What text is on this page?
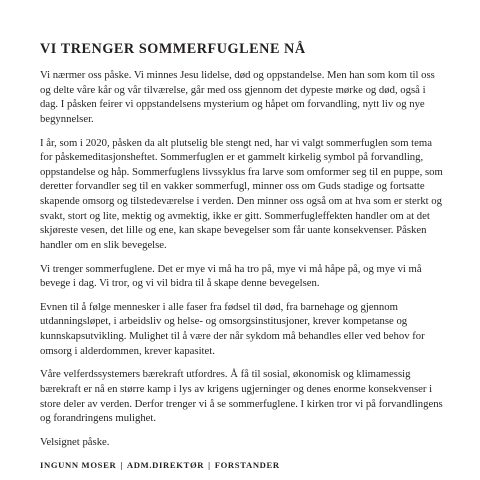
VI TRENGER SOMMERFUGLENE NÅ

Vi nærmer oss påske. Vi minnes Jesu lidelse, død og oppstandelse. Men han som kom til oss og delte våre kår og vår tilværelse, går med oss gjennom det dypeste mørke og død, også i dag. I påsken feirer vi oppstandelsens mysterium og håpet om forvandling, nytt liv og nye begynnelser.

I år, som i 2020, påsken da alt plutselig ble stengt ned, har vi valgt sommerfuglen som tema for påskemeditasjonsheftet. Sommerfuglen er et gammelt kirkelig symbol på forvandling, oppstandelse og håp. Sommerfuglens livssyklus fra larve som omformer seg til en puppe, som deretter forvandler seg til en vakker sommerfugl, minner oss om Guds stadige og fortsatte skapende omsorg og tilstedeværelse i verden. Den minner oss også om at hva som er sterkt og svakt, stort og lite, mektig og avmektig, ikke er gitt. Sommerfugleffekten handler om at det skjøreste vesen, det lille og ene, kan skape bevegelser som får uante konsekvenser. Påsken handler om en slik bevegelse.

Vi trenger sommerfuglene. Det er mye vi må ha tro på, mye vi må håpe på, og mye vi må bevege i dag. Vi tror, og vi vil bidra til å skape denne bevegelsen.

Evnen til å følge mennesker i alle faser fra fødsel til død, fra barnehage og gjennom utdanningsløpet, i arbeidsliv og helse- og omsorgsinstitusjoner, krever kompetanse og kunnskapsutvikling. Mulighet til å være der når sykdom må behandles eller ved behov for omsorg i alderdommen, krever kapasitet.

Våre velferdssystemers bærekraft utfordres. Å få til sosial, økonomisk og klimamessig bærekraft er nå en større kamp i lys av krigens ugjerninger og denes enorme konsekvenser i store deler av verden. Derfor trenger vi å se sommerfuglene. I kirken tror vi på forvandlingens og forandringens mulighet.

Velsignet påske.

INGUNN MOSER | ADM.DIREKTØR | FORSTANDER
